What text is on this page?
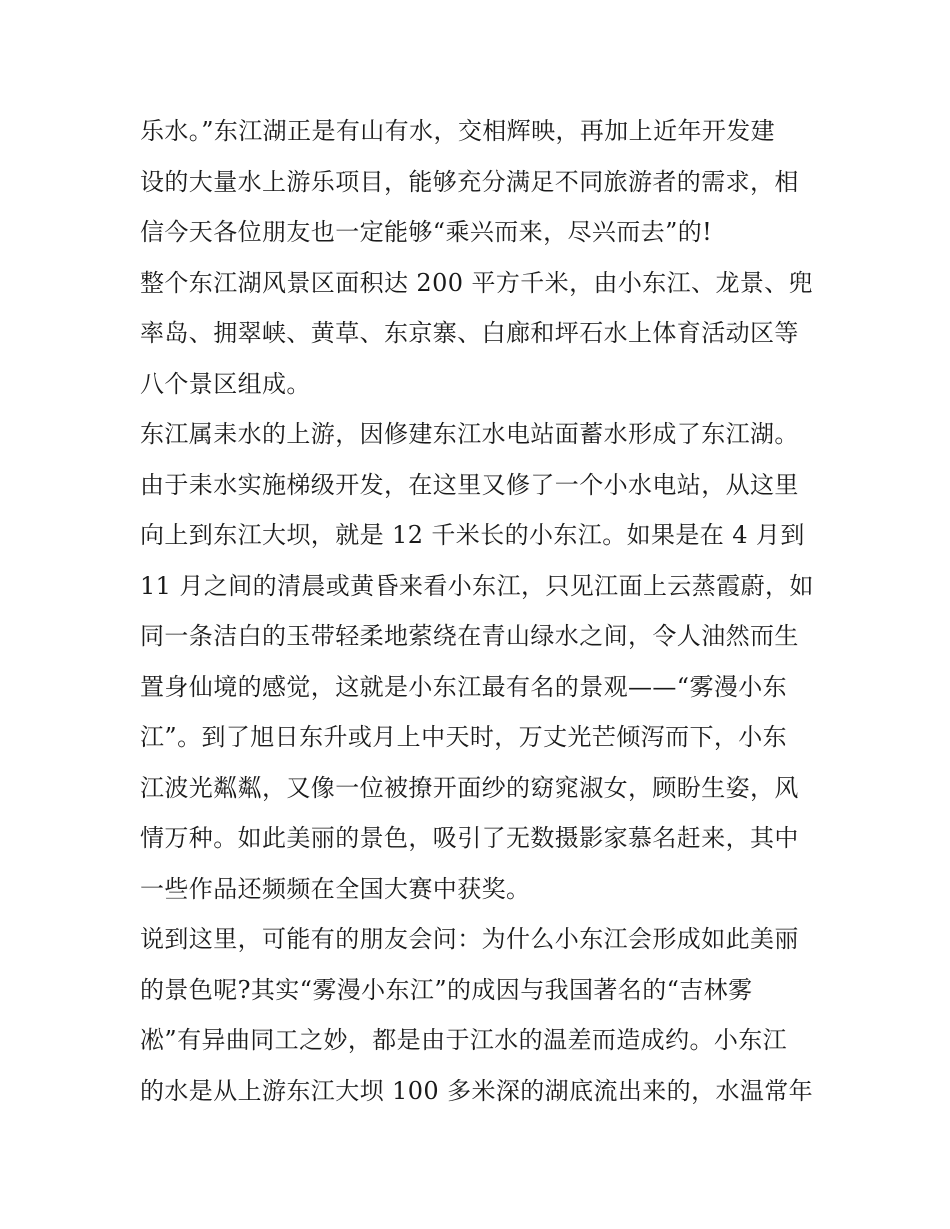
乐水。”东江湖正是有山有水，交相辉映，再加上近年开发建
设的大量水上游乐项目，能够充分满足不同旅游者的需求，相
信今天各位朋友也一定能够“乘兴而来，尽兴而去”的!
整个东江湖风景区面积达 200 平方千米，由小东江、龙景、兜
率岛、拥翠峡、黄草、东京寨、白廊和坪石水上体育活动区等
八个景区组成。
东江属耒水的上游，因修建东江水电站面蓄水形成了东江湖。
由于耒水实施梯级开发，在这里又修了一个小水电站，从这里
向上到东江大坝，就是 12 千米长的小东江。如果是在 4 月到
11 月之间的清晨或黄昏来看小东江，只见江面上云蒸霞蔚，如
同一条洁白的玉带轻柔地萦绕在青山绿水之间，令人油然而生
置身仙境的感觉，这就是小东江最有名的景观——“雾漫小东
江”。到了旭日东升或月上中天时，万丈光芒倾泻而下，小东
江波光粼粼，又像一位被撩开面纱的窈窕淑女，顾盼生姿，风
情万种。如此美丽的景色，吸引了无数摄影家慕名赶来，其中
一些作品还频频在全国大赛中获奖。
说到这里，可能有的朋友会问：为什么小东江会形成如此美丽
的景色呢?其实“雾漫小东江”的成因与我国著名的“吉林雾
凇”有异曲同工之妙，都是由于江水的温差而造成约。小东江
的水是从上游东江大坝 100 多米深的湖底流出来的，水温常年
